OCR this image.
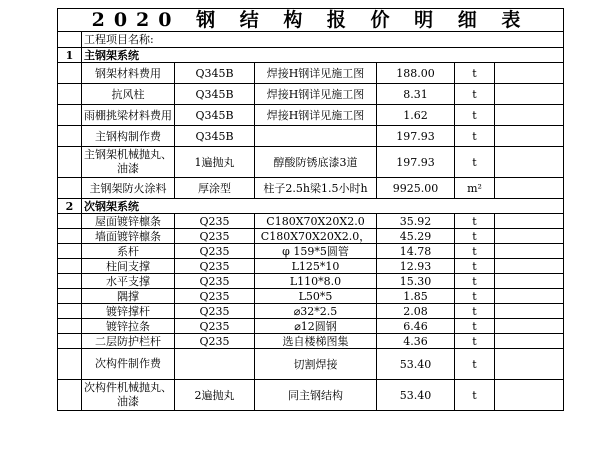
2020 钢 结 构 报 价 明 细 表						
	工程项目名称:					
1	主钢架系统					
	钢架材料费用	Q345B	焊接H钢详见施工图	188.00	t	
	抗风柱	Q345B	焊接H钢详见施工图	8.31	t	
	雨棚挑梁材料费用	Q345B	焊接H钢详见施工图	1.62	t	
	主钢构制作费	Q345B		197.93	t	
	主钢架机械抛丸、油漆	1遍抛丸	醇酸防锈底漆3道	197.93	t	
	主钢架防火涂料	厚涂型	柱子2.5h梁1.5小时h	9925.00	m²	
2	次钢架系统					
	屋面镀锌檩条	Q235	C180X70X20X2.0	35.92	t	
	墙面镀锌檩条	Q235	C180X70X20X2.0，	45.29	t	
	系杆	Q235	φ 159*5圆管	14.78	t	
	柱间支撑	Q235	L125*10	12.93	t	
	水平支撑	Q235	L110*8.0	15.30	t	
	隅撑	Q235	L50*5	1.85	t	
	镀锌撑杆	Q235	⌀32*2.5	2.08	t	
	镀锌拉条	Q235	⌀12圆钢	6.46	t	
	二层防护栏杆	Q235	选自楼梯图集	4.36	t	
	次构件制作费		切割焊接	53.40	t	
	次构件机械抛丸、油漆	2遍抛丸	同主钢结构	53.40	t	
